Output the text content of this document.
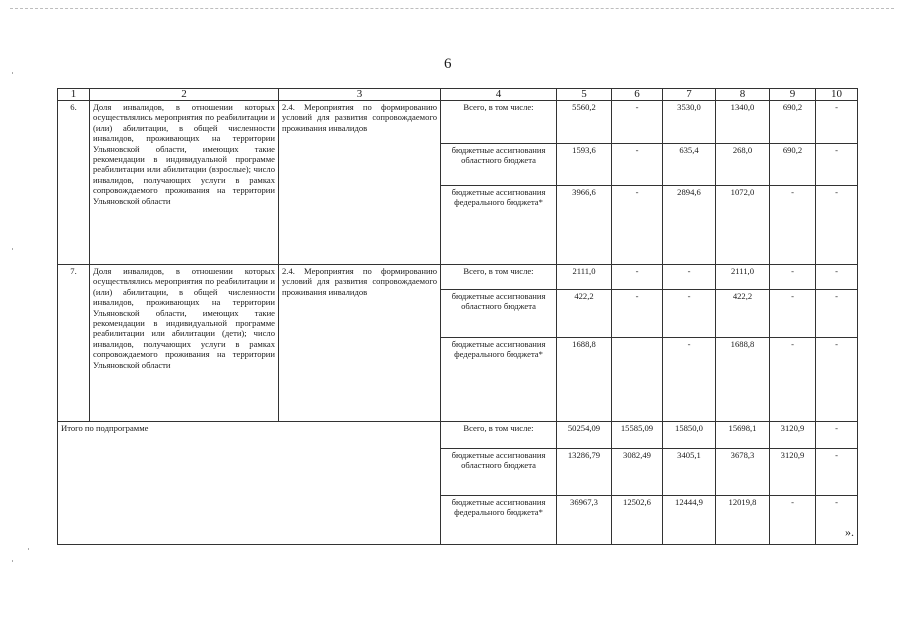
6
1	2	3	4	5	6	7	8	9	10
6.	Доля инвалидов, в отношении которых осуществлялись мероприятия по реабилитации и (или) абилитации, в общей численности инвалидов, проживающих на территории Ульяновской области, имеющих такие рекомендации в индивидуальной программе реабилитации или абилитации (взрослые); число инвалидов, получающих услуги в рамках сопровождаемого проживания на территории Ульяновской области	2.4. Мероприятия по формированию условий для развития сопровождаемого проживания инвалидов	Всего, в том числе:	5560,2	-	3530,0	1340,0	690,2	-
			бюджетные ассигнования областного бюджета	1593,6	-	635,4	268,0	690,2	-
			бюджетные ассигнования федерального бюджета*	3966,6	-	2894,6	1072,0	-	-
7.	Доля инвалидов, в отношении которых осуществлялись мероприятия по реабилитации и (или) абилитации, в общей численности инвалидов, проживающих на территории Ульяновской области, имеющих такие рекомендации в индивидуальной программе реабилитации или абилитации (дети); число инвалидов, получающих услуги в рамках сопровождаемого проживания на территории Ульяновской области	2.4. Мероприятия по формированию условий для развития сопровождаемого проживания инвалидов	Всего, в том числе:	2111,0	-	-	2111,0	-	-
			бюджетные ассигнования областного бюджета	422,2	-	-	422,2	-	-
			бюджетные ассигнования федерального бюджета*	1688,8		-	1688,8	-	-
Итого по подпрограмме			Всего, в том числе:	50254,09	15585,09	15850,0	15698,1	3120,9	-
			бюджетные ассигнования областного бюджета	13286,79	3082,49	3405,1	3678,3	3120,9	-
			бюджетные ассигнования федерального бюджета*	36967,3	12502,6	12444,9	12019,8	-	-
».
